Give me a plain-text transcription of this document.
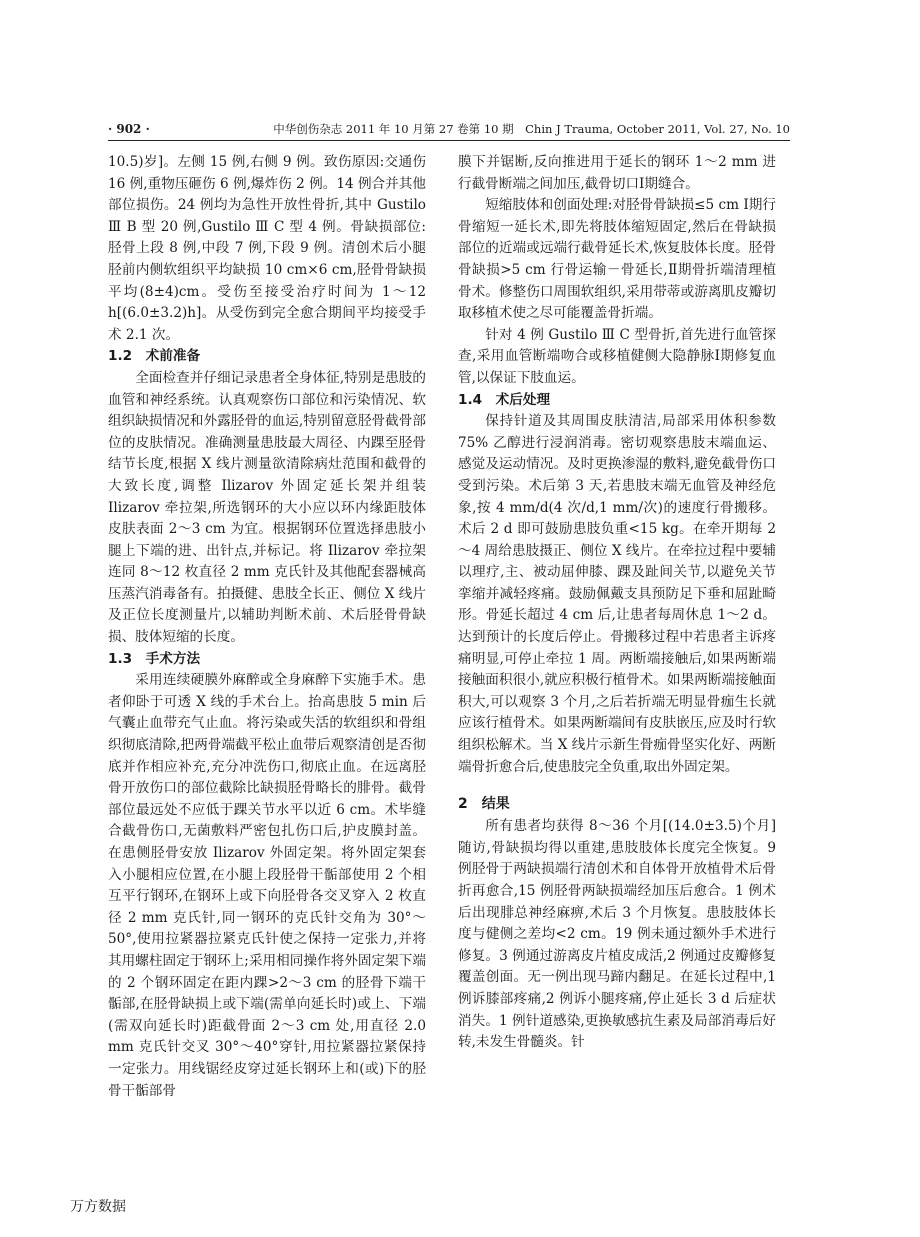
· 902 ·	中华创伤杂志 2011 年 10 月第 27 卷第 10 期　Chin J Trauma, October 2011, Vol. 27, No. 10

10.5)岁]。左侧 15 例,右侧 9 例。致伤原因:交通伤 16 例,重物压砸伤 6 例,爆炸伤 2 例。14 例合并其他部位损伤。24 例均为急性开放性骨折,其中 Gustilo Ⅲ B 型 20 例,Gustilo Ⅲ C 型 4 例。骨缺损部位:胫骨上段 8 例,中段 7 例,下段 9 例。清创术后小腿胫前内侧软组织平均缺损 10 cm×6 cm,胫骨骨缺损平均(8±4)cm。受伤至接受治疗时间为 1～12 h[(6.0±3.2)h]。从受伤到完全愈合期间平均接受手术 2.1 次。

1.2　术前准备

全面检查并仔细记录患者全身体征,特别是患肢的血管和神经系统。认真观察伤口部位和污染情况、软组织缺损情况和外露胫骨的血运,特别留意胫骨截骨部位的皮肤情况。准确测量患肢最大周径、内踝至胫骨结节长度,根据 X 线片测量欲清除病灶范围和截骨的大致长度,调整 Ilizarov 外固定延长架并组装 Ilizarov 牵拉架,所选钢环的大小应以环内缘距肢体皮肤表面 2～3 cm 为宜。根据钢环位置选择患肢小腿上下端的进、出针点,并标记。将 Ilizarov 牵拉架连同 8～12 枚直径 2 mm 克氏针及其他配套器械高压蒸汽消毒备有。拍摄健、患肢全长正、侧位 X 线片及正位长度测量片,以辅助判断术前、术后胫骨骨缺损、肢体短缩的长度。

1.3　手术方法

采用连续硬膜外麻醉或全身麻醉下实施手术。患者仰卧于可透 X 线的手术台上。抬高患肢 5 min 后气囊止血带充气止血。将污染或失活的软组织和骨组织彻底清除,把两骨端截平松止血带后观察清创是否彻底并作相应补充,充分冲洗伤口,彻底止血。在远离胫骨开放伤口的部位截除比缺损胫骨略长的腓骨。截骨部位最远处不应低于踝关节水平以近 6 cm。术毕缝合截骨伤口,无菌敷料严密包扎伤口后,护皮膜封盖。在患侧胫骨安放 Ilizarov 外固定架。将外固定架套入小腿相应位置,在小腿上段胫骨干骺部使用 2 个相互平行钢环,在钢环上或下向胫骨各交叉穿入 2 枚直径 2 mm 克氏针,同一钢环的克氏针交角为 30°～50°,使用拉紧器拉紧克氏针使之保持一定张力,并将其用螺柱固定于钢环上;采用相同操作将外固定架下端的 2 个钢环固定在距内踝>2～3 cm 的胫骨下端干骺部,在胫骨缺损上或下端(需单向延长时)或上、下端(需双向延长时)距截骨面 2～3 cm 处,用直径 2.0 mm 克氏针交叉 30°～40°穿针,用拉紧器拉紧保持一定张力。用线锯经皮穿过延长钢环上和(或)下的胫骨干骺部骨

膜下并锯断,反向推进用于延长的钢环 1～2 mm 进行截骨断端之间加压,截骨切口Ⅰ期缝合。

短缩肢体和创面处理:对胫骨骨缺损≤5 cm Ⅰ期行骨缩短一延长术,即先将肢体缩短固定,然后在骨缺损部位的近端或远端行截骨延长术,恢复肢体长度。胫骨骨缺损>5 cm 行骨运输－骨延长,Ⅱ期骨折端清理植骨术。修整伤口周围软组织,采用带蒂或游离肌皮瓣切取移植术使之尽可能覆盖骨折端。

针对 4 例 Gustilo Ⅲ C 型骨折,首先进行血管探查,采用血管断端吻合或移植健侧大隐静脉Ⅰ期修复血管,以保证下肢血运。

1.4　术后处理

保持针道及其周围皮肤清洁,局部采用体积参数 75% 乙醇进行浸润消毒。密切观察患肢末端血运、感觉及运动情况。及时更换渗湿的敷料,避免截骨伤口受到污染。术后第 3 天,若患肢末端无血管及神经危象,按 4 mm/d(4 次/d,1 mm/次)的速度行骨搬移。术后 2 d 即可鼓励患肢负重<15 kg。在牵开期每 2～4 周给患肢摄正、侧位 X 线片。在牵拉过程中要辅以理疗,主、被动屈伸膝、踝及趾间关节,以避免关节挛缩并减轻疼痛。鼓励佩戴支具预防足下垂和屈趾畸形。骨延长超过 4 cm 后,让患者每周休息 1～2 d。达到预计的长度后停止。骨搬移过程中若患者主诉疼痛明显,可停止牵拉 1 周。两断端接触后,如果两断端接触面积很小,就应积极行植骨术。如果两断端接触面积大,可以观察 3 个月,之后若折端无明显骨痂生长就应该行植骨术。如果两断端间有皮肤嵌压,应及时行软组织松解术。当 X 线片示新生骨痂骨坚实化好、两断端骨折愈合后,使患肢完全负重,取出外固定架。

2　结果

所有患者均获得 8～36 个月[(14.0±3.5)个月]随访,骨缺损均得以重建,患肢肢体长度完全恢复。9 例胫骨于两缺损端行清创术和自体骨开放植骨术后骨折再愈合,15 例胫骨两缺损端经加压后愈合。1 例术后出现腓总神经麻痹,术后 3 个月恢复。患肢肢体长度与健侧之差均<2 cm。19 例未通过额外手术进行修复。3 例通过游离皮片植皮成活,2 例通过皮瓣修复覆盖创面。无一例出现马蹄内翻足。在延长过程中,1 例诉膝部疼痛,2 例诉小腿疼痛,停止延长 3 d 后症状消失。1 例针道感染,更换敏感抗生素及局部消毒后好转,未发生骨髓炎。针

万方数据
